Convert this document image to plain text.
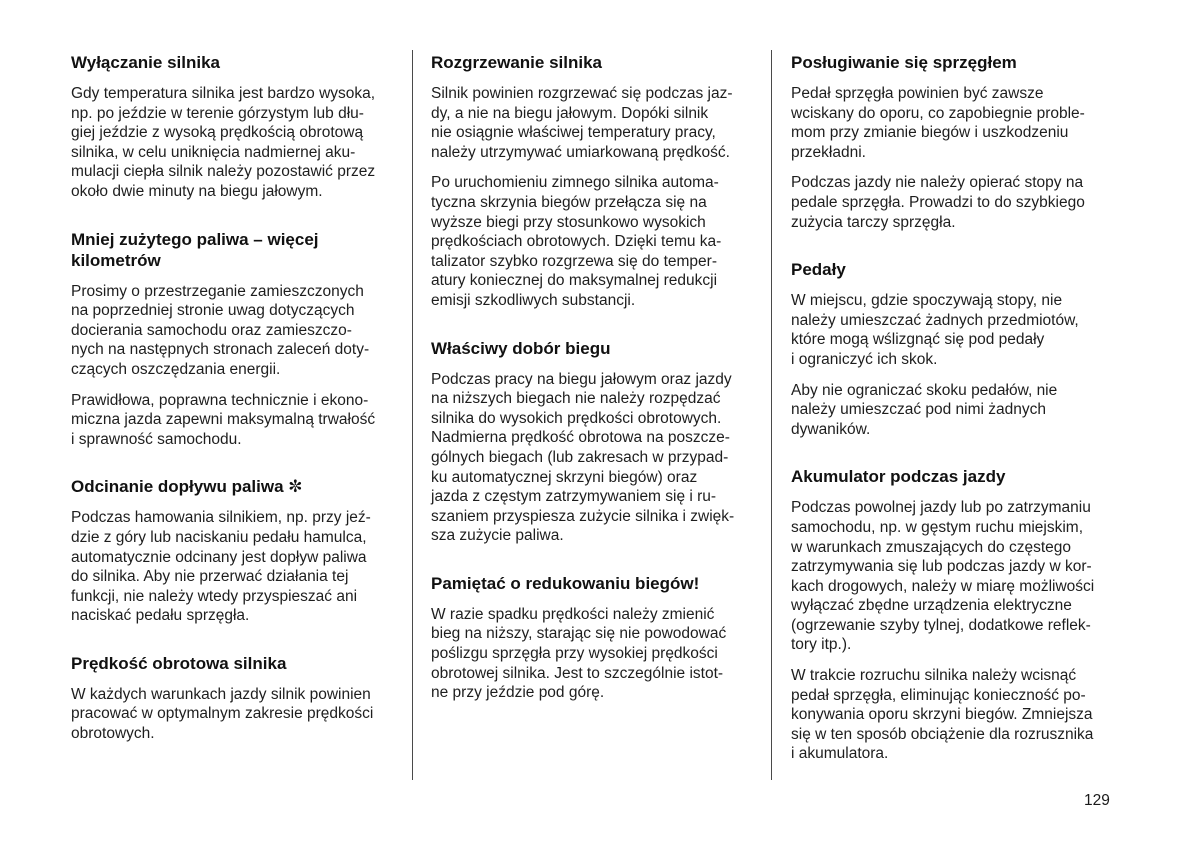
Wyłączanie silnika

Gdy temperatura silnika jest bardzo wysoka,
np. po jeździe w terenie górzystym lub dłu-
giej jeździe z wysoką prędkością obrotową
silnika, w celu uniknięcia nadmiernej aku-
mulacji ciepła silnik należy pozostawić przez
około dwie minuty na biegu jałowym.

Mniej zużytego paliwa – więcej
kilometrów

Prosimy o przestrzeganie zamieszczonych
na poprzedniej stronie uwag dotyczących
docierania samochodu oraz zamieszczo-
nych na następnych stronach zaleceń doty-
czących oszczędzania energii.

Prawidłowa, poprawna technicznie i ekono-
miczna jazda zapewni maksymalną trwałość
i sprawność samochodu.

Odcinanie dopływu paliwa ✼

Podczas hamowania silnikiem, np. przy jeź-
dzie z góry lub naciskaniu pedału hamulca,
automatycznie odcinany jest dopływ paliwa
do silnika. Aby nie przerwać działania tej
funkcji, nie należy wtedy przyspieszać ani
naciskać pedału sprzęgła.

Prędkość obrotowa silnika

W każdych warunkach jazdy silnik powinien
pracować w optymalnym zakresie prędkości
obrotowych.

Rozgrzewanie silnika

Silnik powinien rozgrzewać się podczas jaz-
dy, a nie na biegu jałowym. Dopóki silnik
nie osiągnie właściwej temperatury pracy,
należy utrzymywać umiarkowaną prędkość.

Po uruchomieniu zimnego silnika automa-
tyczna skrzynia biegów przełącza się na
wyższe biegi przy stosunkowo wysokich
prędkościach obrotowych. Dzięki temu ka-
talizator szybko rozgrzewa się do temper-
atury koniecznej do maksymalnej redukcji
emisji szkodliwych substancji.

Właściwy dobór biegu

Podczas pracy na biegu jałowym oraz jazdy
na niższych biegach nie należy rozpędzać
silnika do wysokich prędkości obrotowych.
Nadmierna prędkość obrotowa na poszcze-
gólnych biegach (lub zakresach w przypad-
ku automatycznej skrzyni biegów) oraz
jazda z częstym zatrzymywaniem się i ru-
szaniem przyspiesza zużycie silnika i zwięk-
sza zużycie paliwa.

Pamiętać o redukowaniu biegów!

W razie spadku prędkości należy zmienić
bieg na niższy, starając się nie powodować
poślizgu sprzęgła przy wysokiej prędkości
obrotowej silnika. Jest to szczególnie istot-
ne przy jeździe pod górę.

Posługiwanie się sprzęgłem

Pedał sprzęgła powinien być zawsze
wciskany do oporu, co zapobiegnie proble-
mom przy zmianie biegów i uszkodzeniu
przekładni.

Podczas jazdy nie należy opierać stopy na
pedale sprzęgła. Prowadzi to do szybkiego
zużycia tarczy sprzęgła.

Pedały

W miejscu, gdzie spoczywają stopy, nie
należy umieszczać żadnych przedmiotów,
które mogą wślizgnąć się pod pedały
i ograniczyć ich skok.

Aby nie ograniczać skoku pedałów, nie
należy umieszczać pod nimi żadnych
dywaników.

Akumulator podczas jazdy

Podczas powolnej jazdy lub po zatrzymaniu
samochodu, np. w gęstym ruchu miejskim,
w warunkach zmuszających do częstego
zatrzymywania się lub podczas jazdy w kor-
kach drogowych, należy w miarę możliwości
wyłączać zbędne urządzenia elektryczne
(ogrzewanie szyby tylnej, dodatkowe reflek-
tory itp.).

W trakcie rozruchu silnika należy wcisnąć
pedał sprzęgła, eliminując konieczność po-
konywania oporu skrzyni biegów. Zmniejsza
się w ten sposób obciążenie dla rozrusznika
i akumulatora.

129
